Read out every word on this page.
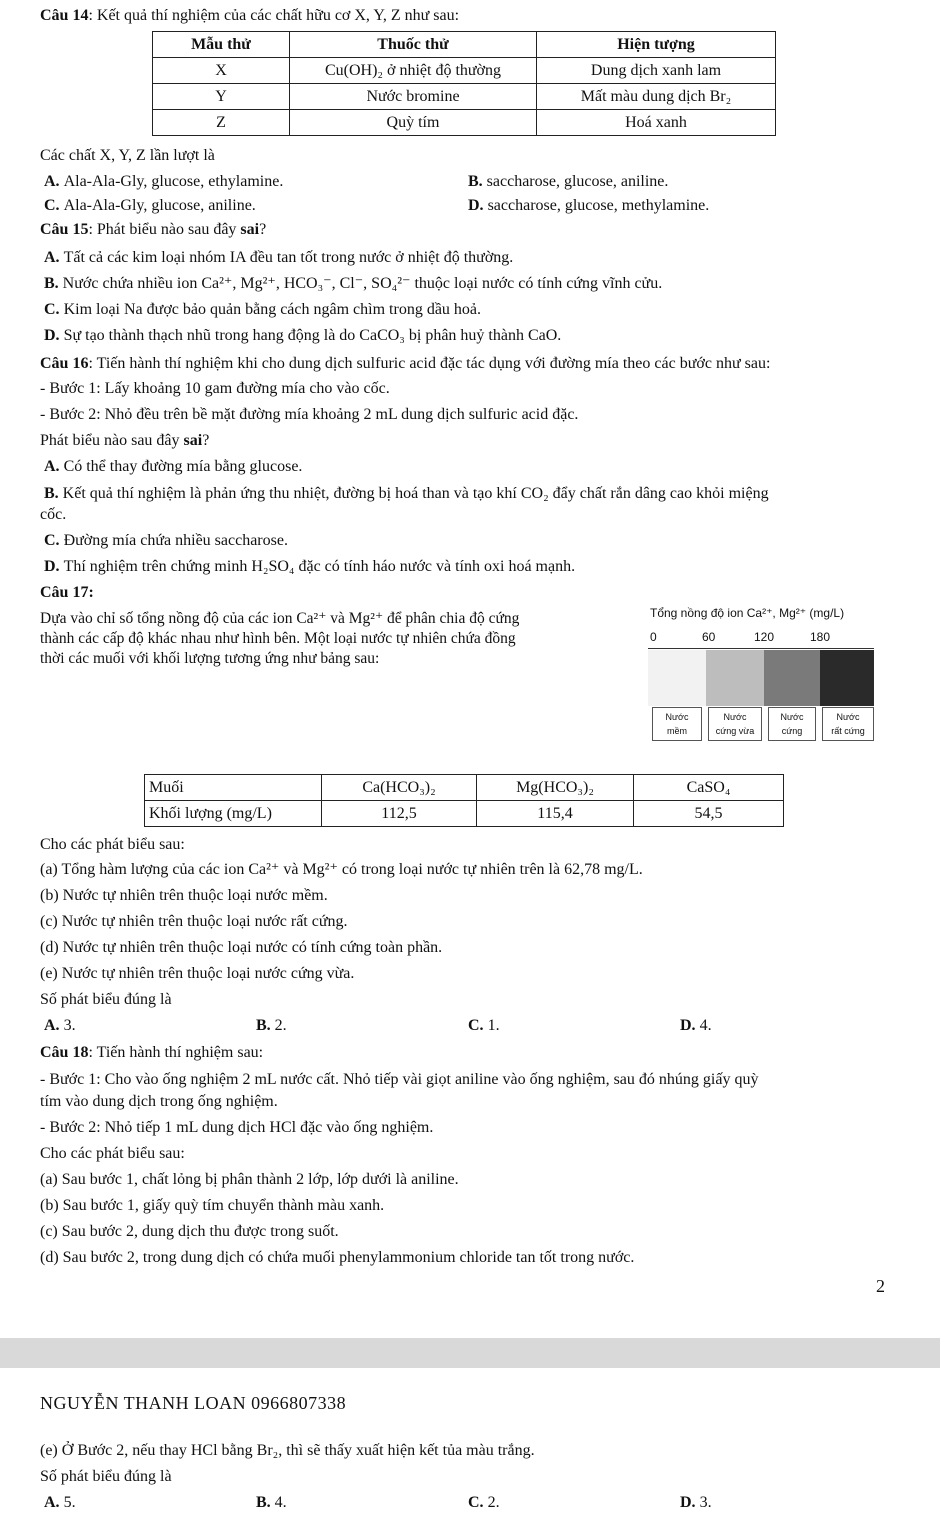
Câu 14: Kết quả thí nghiệm của các chất hữu cơ X, Y, Z như sau:
Mẫu thử	Thuốc thử	Hiện tượng
X	Cu(OH)₂ ở nhiệt độ thường	Dung dịch xanh lam
Y	Nước bromine	Mất màu dung dịch Br₂
Z	Quỳ tím	Hoá xanh
Các chất X, Y, Z lần lượt là
A. Ala-Ala-Gly, glucose, ethylamine.	B. saccharose, glucose, aniline.
C. Ala-Ala-Gly, glucose, aniline.	D. saccharose, glucose, methylamine.
Câu 15: Phát biểu nào sau đây sai?
A. Tất cả các kim loại nhóm IA đều tan tốt trong nước ở nhiệt độ thường.
B. Nước chứa nhiều ion Ca²⁺, Mg²⁺, HCO₃⁻, Cl⁻, SO₄²⁻ thuộc loại nước có tính cứng vĩnh cửu.
C. Kim loại Na được bảo quản bằng cách ngâm chìm trong dầu hoả.
D. Sự tạo thành thạch nhũ trong hang động là do CaCO₃ bị phân huỷ thành CaO.
Câu 16: Tiến hành thí nghiệm khi cho dung dịch sulfuric acid đặc tác dụng với đường mía theo các bước như sau:
- Bước 1: Lấy khoảng 10 gam đường mía cho vào cốc.
- Bước 2: Nhỏ đều trên bề mặt đường mía khoảng 2 mL dung dịch sulfuric acid đặc.
Phát biểu nào sau đây sai?
A. Có thể thay đường mía bằng glucose.
B. Kết quả thí nghiệm là phản ứng thu nhiệt, đường bị hoá than và tạo khí CO₂ đẩy chất rắn dâng cao khỏi miệng
cốc.
C. Đường mía chứa nhiều saccharose.
D. Thí nghiệm trên chứng minh H₂SO₄ đặc có tính háo nước và tính oxi hoá mạnh.
Câu 17:
Dựa vào chỉ số tổng nồng độ của các ion Ca²⁺ và Mg²⁺ để phân chia độ cứng
thành các cấp độ khác nhau như hình bên. Một loại nước tự nhiên chứa đồng
thời các muối với khối lượng tương ứng như bảng sau:
Tổng nồng độ ion Ca²⁺, Mg²⁺ (mg/L)
0	60	120	180
Nước
mềm
Nước
cứng vừa
Nước
cứng
Nước
rất cứng
Muối	Ca(HCO₃)₂	Mg(HCO₃)₂	CaSO₄
Khối lượng (mg/L)	112,5	115,4	54,5
Cho các phát biểu sau:
(a) Tổng hàm lượng của các ion Ca²⁺ và Mg²⁺ có trong loại nước tự nhiên trên là 62,78 mg/L.
(b) Nước tự nhiên trên thuộc loại nước mềm.
(c) Nước tự nhiên trên thuộc loại nước rất cứng.
(d) Nước tự nhiên trên thuộc loại nước có tính cứng toàn phần.
(e) Nước tự nhiên trên thuộc loại nước cứng vừa.
Số phát biểu đúng là
A. 3.	B. 2.	C. 1.	D. 4.
Câu 18: Tiến hành thí nghiệm sau:
- Bước 1: Cho vào ống nghiệm 2 mL nước cất. Nhỏ tiếp vài giọt aniline vào ống nghiệm, sau đó nhúng giấy quỳ
tím vào dung dịch trong ống nghiệm.
- Bước 2: Nhỏ tiếp 1 mL dung dịch HCl đặc vào ống nghiệm.
Cho các phát biểu sau:
(a) Sau bước 1, chất lỏng bị phân thành 2 lớp, lớp dưới là aniline.
(b) Sau bước 1, giấy quỳ tím chuyển thành màu xanh.
(c) Sau bước 2, dung dịch thu được trong suốt.
(d) Sau bước 2, trong dung dịch có chứa muối phenylammonium chloride tan tốt trong nước.
2
NGUYỄN THANH LOAN 0966807338
(e) Ở Bước 2, nếu thay HCl bằng Br₂, thì sẽ thấy xuất hiện kết tủa màu trắng.
Số phát biểu đúng là
A. 5.	B. 4.	C. 2.	D. 3.
